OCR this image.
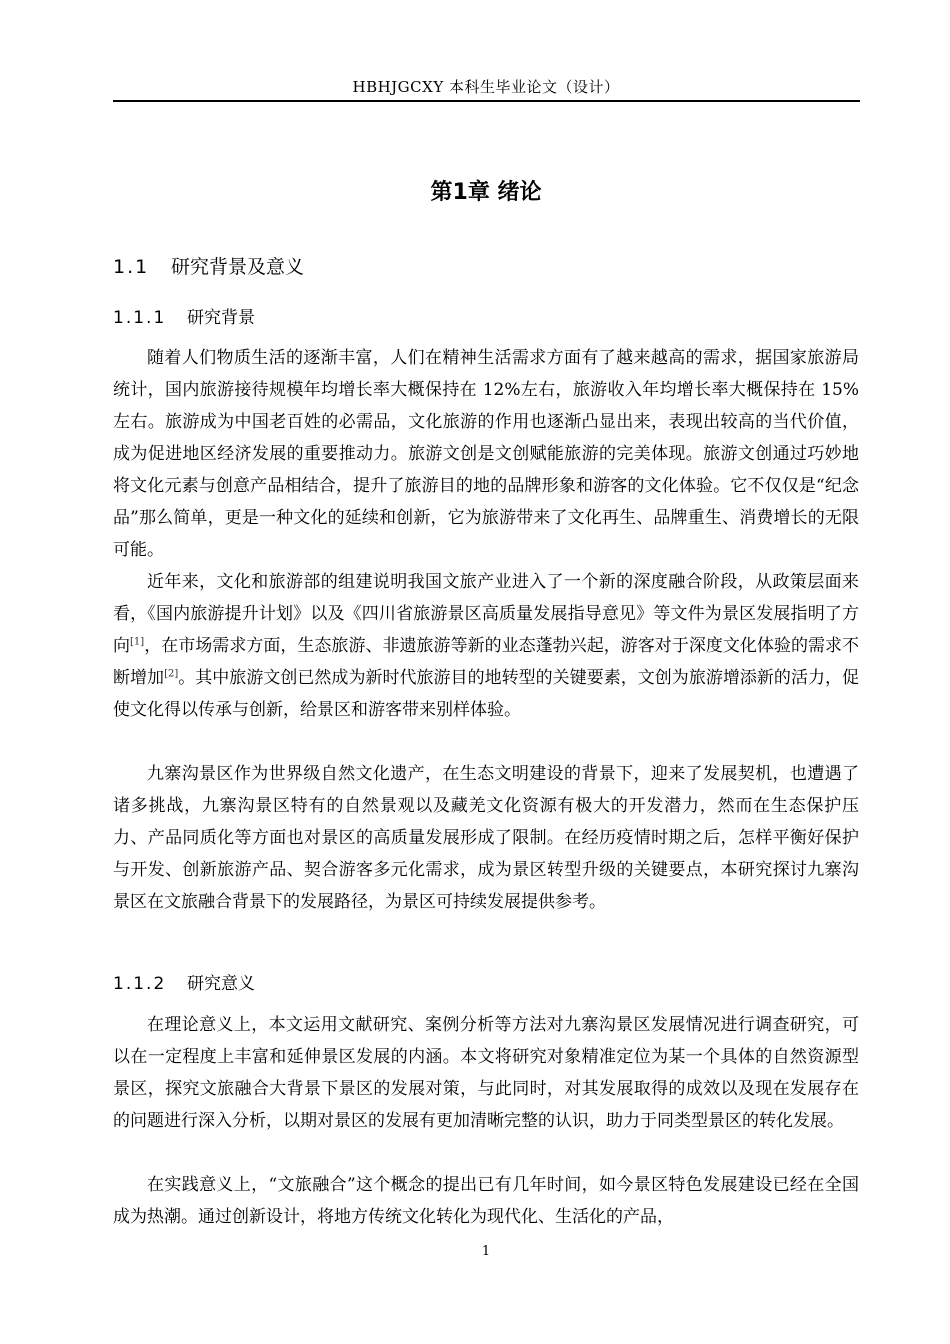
HBHJGCXY 本科生毕业论文（设计）
第1章 绪论
1.1 研究背景及意义
1.1.1 研究背景

随着人们物质生活的逐渐丰富，人们在精神生活需求方面有了越来越高的需求，据国家旅游局统计，国内旅游接待规模年均增长率大概保持在 12%左右，旅游收入年均增长率大概保持在 15%左右。旅游成为中国老百姓的必需品，文化旅游的作用也逐渐凸显出来，表现出较高的当代价值，成为促进地区经济发展的重要推动力。旅游文创是文创赋能旅游的完美体现。旅游文创通过巧妙地将文化元素与创意产品相结合，提升了旅游目的地的品牌形象和游客的文化体验。它不仅仅是“纪念品”那么简单，更是一种文化的延续和创新，它为旅游带来了文化再生、品牌重生、消费增长的无限可能。

近年来，文化和旅游部的组建说明我国文旅产业进入了一个新的深度融合阶段，从政策层面来看，《国内旅游提升计划》以及《四川省旅游景区高质量发展指导意见》等文件为景区发展指明了方向[1]，在市场需求方面，生态旅游、非遗旅游等新的业态蓬勃兴起，游客对于深度文化体验的需求不断增加[2]。其中旅游文创已然成为新时代旅游目的地转型的关键要素，文创为旅游增添新的活力，促使文化得以传承与创新，给景区和游客带来别样体验。

九寨沟景区作为世界级自然文化遗产，在生态文明建设的背景下，迎来了发展契机，也遭遇了诸多挑战，九寨沟景区特有的自然景观以及藏羌文化资源有极大的开发潜力，然而在生态保护压力、产品同质化等方面也对景区的高质量发展形成了限制。在经历疫情时期之后，怎样平衡好保护与开发、创新旅游产品、契合游客多元化需求，成为景区转型升级的关键要点，本研究探讨九寨沟景区在文旅融合背景下的发展路径，为景区可持续发展提供参考。

1.1.2 研究意义

在理论意义上，本文运用文献研究、案例分析等方法对九寨沟景区发展情况进行调查研究，可以在一定程度上丰富和延伸景区发展的内涵。本文将研究对象精准定位为某一个具体的自然资源型景区，探究文旅融合大背景下景区的发展对策，与此同时，对其发展取得的成效以及现在发展存在的问题进行深入分析，以期对景区的发展有更加清晰完整的认识，助力于同类型景区的转化发展。

在实践意义上，“文旅融合”这个概念的提出已有几年时间，如今景区特色发展建设已经在全国成为热潮。通过创新设计，将地方传统文化转化为现代化、生活化的产品，

1
